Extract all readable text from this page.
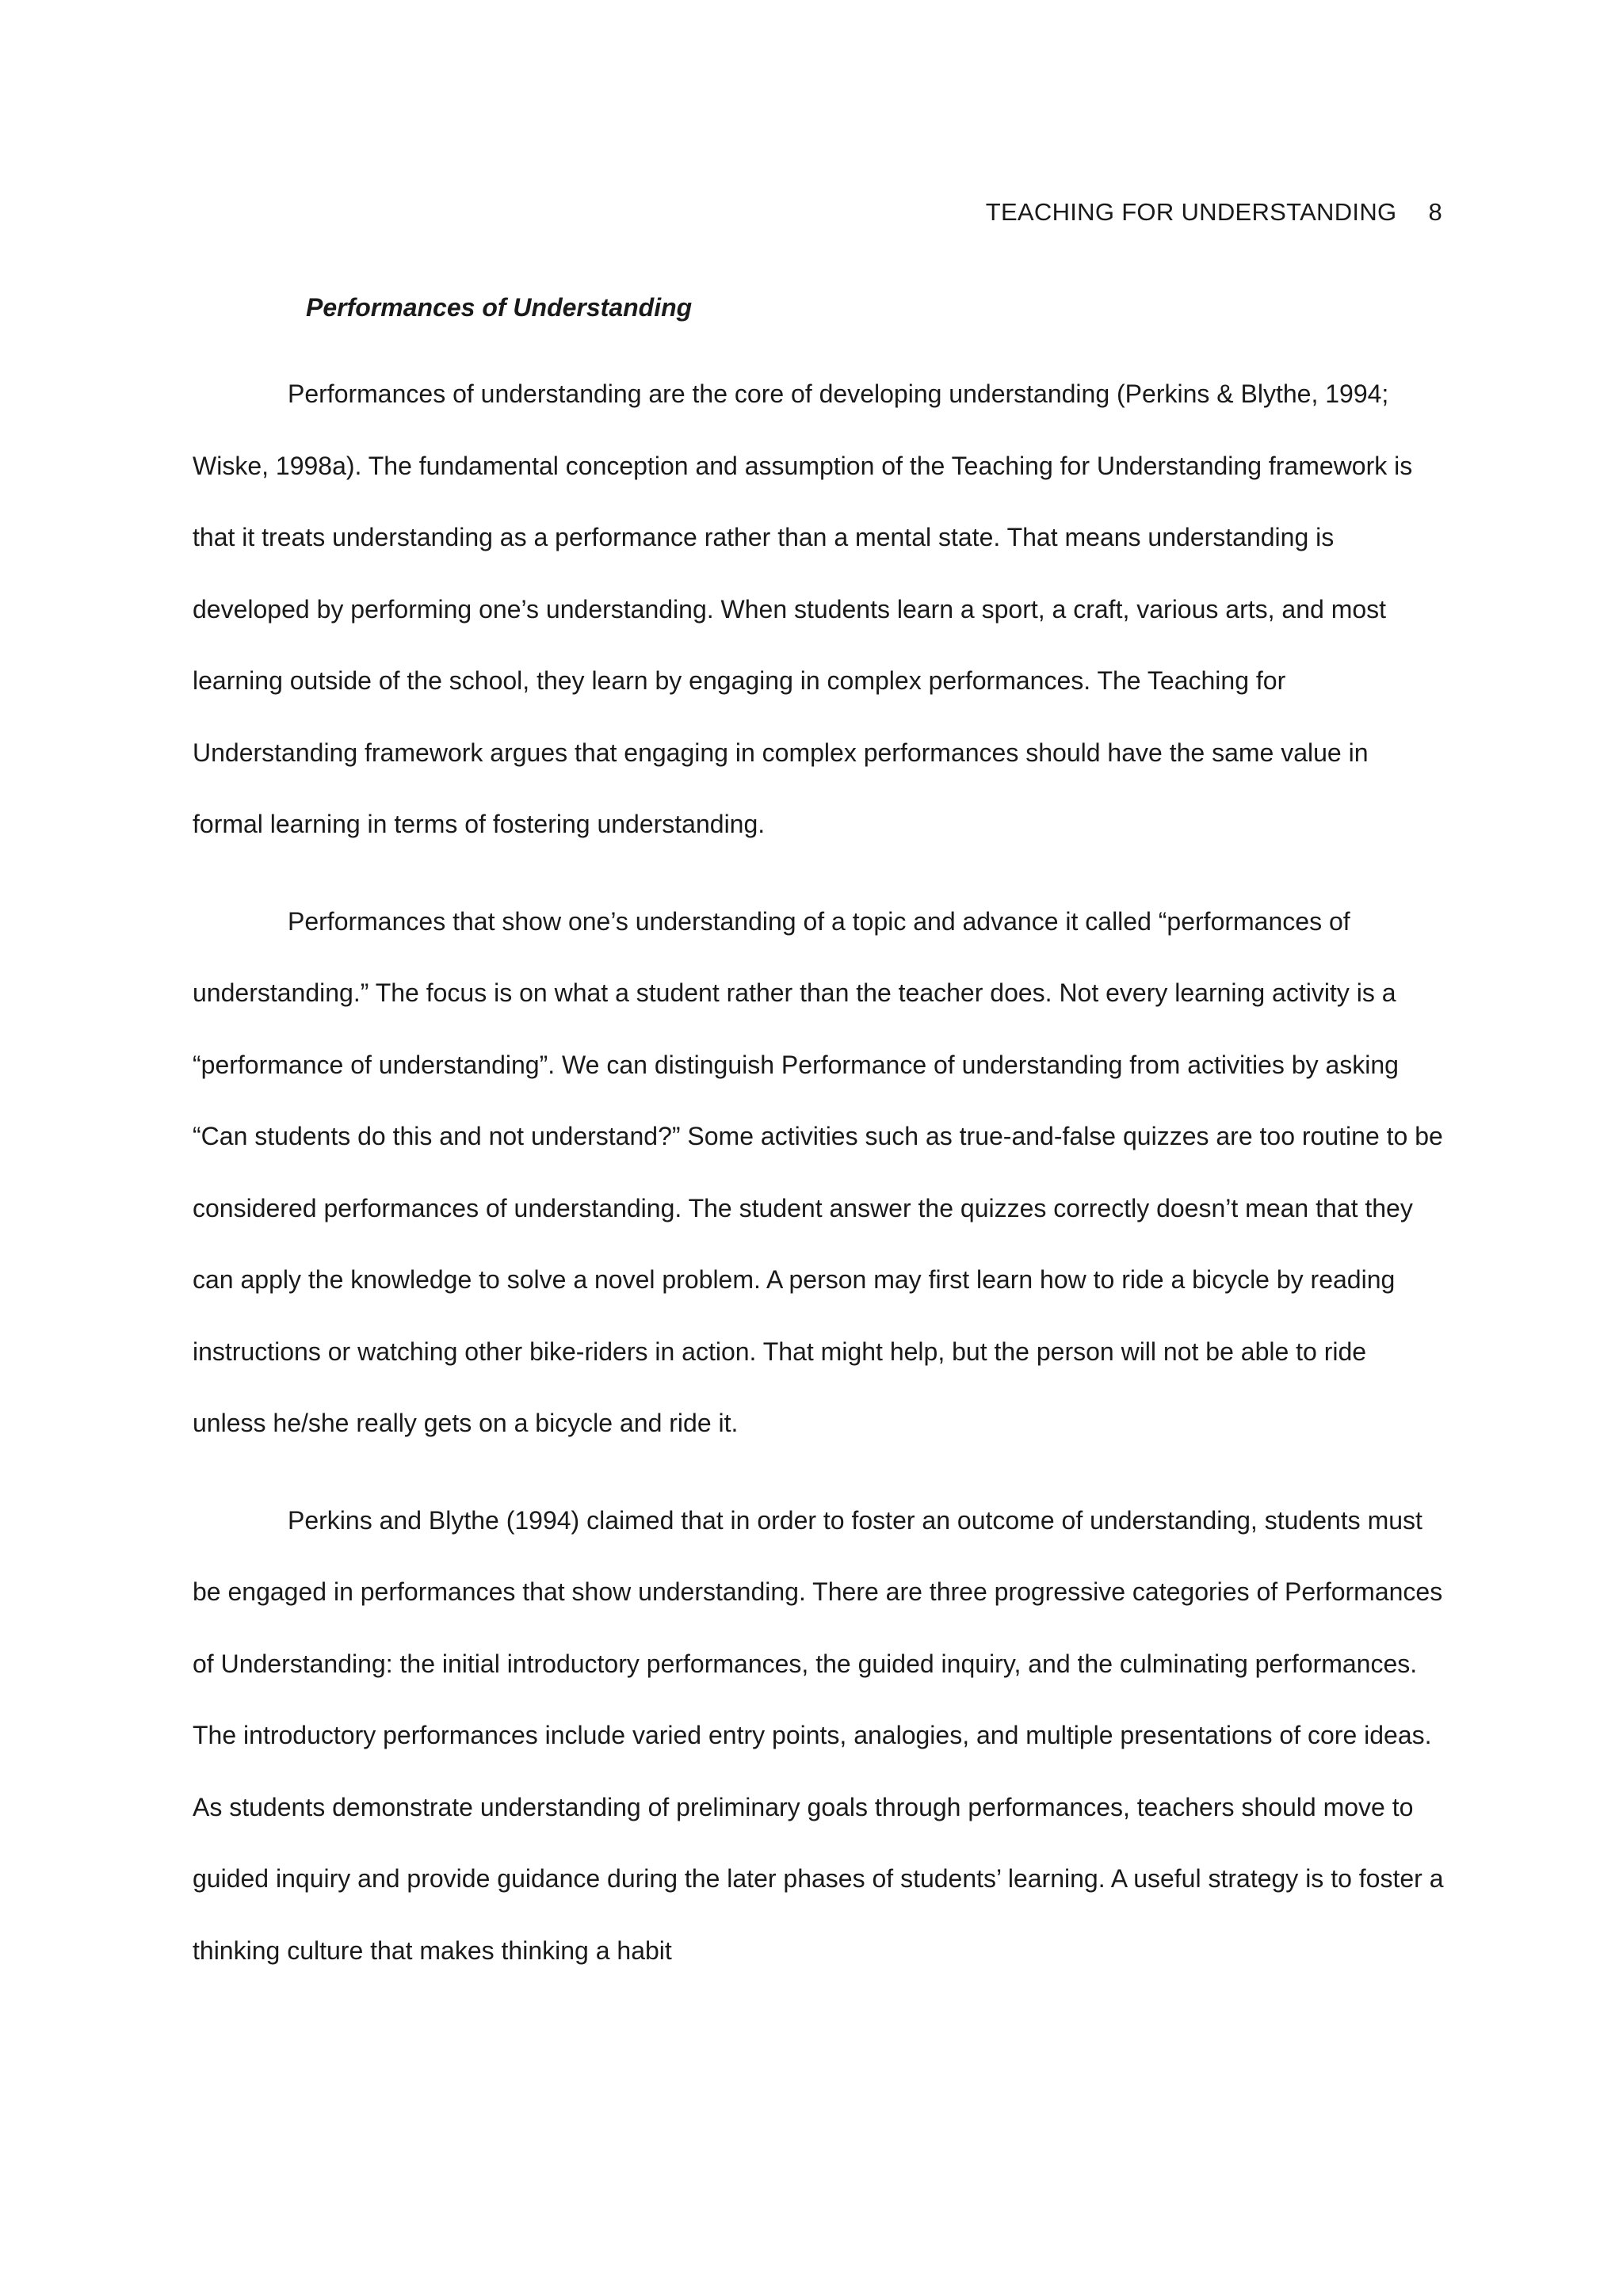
TEACHING FOR UNDERSTANDING 8
Performances of Understanding

Performances of understanding are the core of developing understanding (Perkins & Blythe, 1994; Wiske, 1998a). The fundamental conception and assumption of the Teaching for Understanding framework is that it treats understanding as a performance rather than a mental state. That means understanding is developed by performing one’s understanding. When students learn a sport, a craft, various arts, and most learning outside of the school, they learn by engaging in complex performances. The Teaching for Understanding framework argues that engaging in complex performances should have the same value in formal learning in terms of fostering understanding.

Performances that show one’s understanding of a topic and advance it called “performances of understanding.” The focus is on what a student rather than the teacher does. Not every learning activity is a “performance of understanding”. We can distinguish Performance of understanding from activities by asking “Can students do this and not understand?” Some activities such as true-and-false quizzes are too routine to be considered performances of understanding. The student answer the quizzes correctly doesn’t mean that they can apply the knowledge to solve a novel problem. A person may first learn how to ride a bicycle by reading instructions or watching other bike-riders in action. That might help, but the person will not be able to ride unless he/she really gets on a bicycle and ride it.

Perkins and Blythe (1994) claimed that in order to foster an outcome of understanding, students must be engaged in performances that show understanding. There are three progressive categories of Performances of Understanding: the initial introductory performances, the guided inquiry, and the culminating performances. The introductory performances include varied entry points, analogies, and multiple presentations of core ideas. As students demonstrate understanding of preliminary goals through performances, teachers should move to guided inquiry and provide guidance during the later phases of students’ learning. A useful strategy is to foster a thinking culture that makes thinking a habit
